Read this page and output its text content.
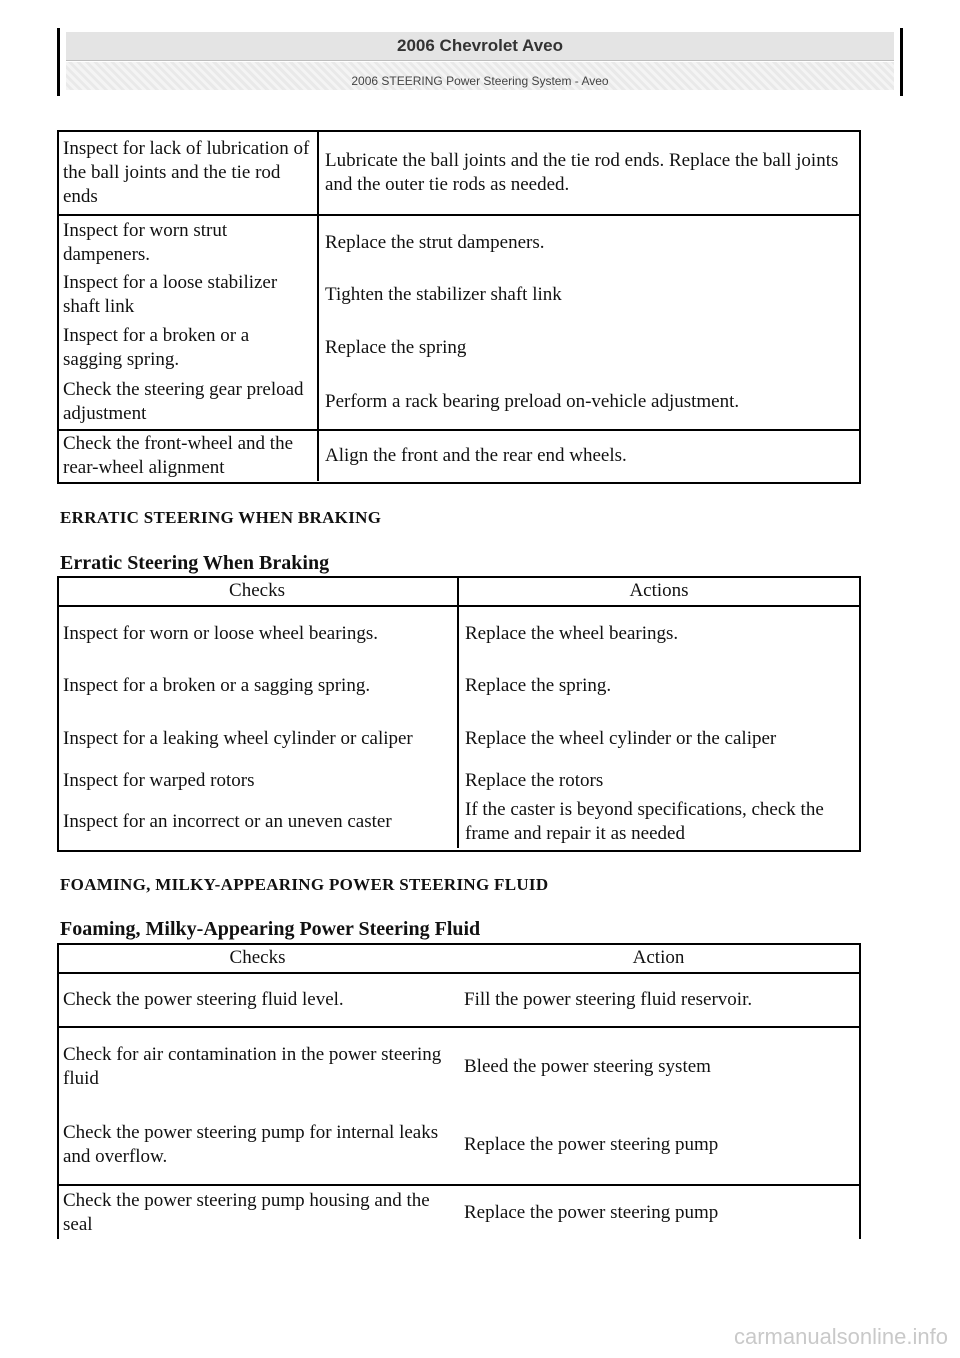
2006 Chevrolet Aveo
2006 STEERING Power Steering System - Aveo
Inspect for lack of lubrication of the ball joints and the tie rod ends	Lubricate the ball joints and the tie rod ends. Replace the ball joints and the outer tie rods as needed.
Inspect for worn strut dampeners.	Replace the strut dampeners.
Inspect for a loose stabilizer shaft link	Tighten the stabilizer shaft link
Inspect for a broken or a sagging spring.	Replace the spring
Check the steering gear preload adjustment	Perform a rack bearing preload on-vehicle adjustment.
Check the front-wheel and the rear-wheel alignment	Align the front and the rear end wheels.
ERRATIC STEERING WHEN BRAKING
Erratic Steering When Braking
Checks	Actions
Inspect for worn or loose wheel bearings.	Replace the wheel bearings.
Inspect for a broken or a sagging spring.	Replace the spring.
Inspect for a leaking wheel cylinder or caliper	Replace the wheel cylinder or the caliper
Inspect for warped rotors	Replace the rotors
Inspect for an incorrect or an uneven caster	If the caster is beyond specifications, check the frame and repair it as needed
FOAMING, MILKY-APPEARING POWER STEERING FLUID
Foaming, Milky-Appearing Power Steering Fluid
Checks	Action
Check the power steering fluid level.	Fill the power steering fluid reservoir.
Check for air contamination in the power steering fluid	Bleed the power steering system
Check the power steering pump for internal leaks and overflow.	Replace the power steering pump
Check the power steering pump housing and the seal	Replace the power steering pump
carmanualsonline.info
